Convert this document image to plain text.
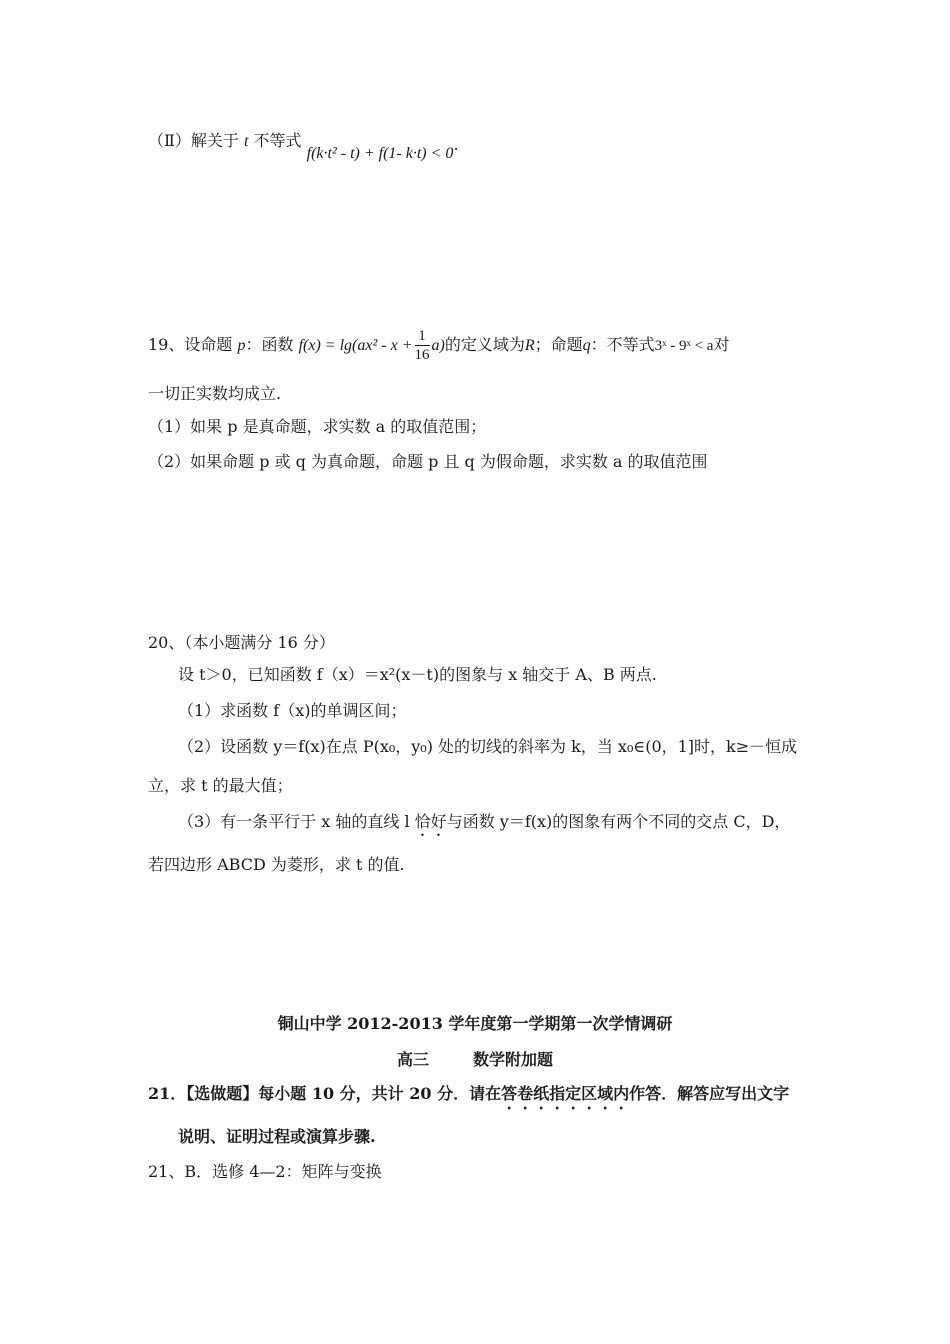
（Ⅱ）解关于 t 不等式 f(k·t² - t) + f(1- k·t) < 0.
19、设命题 p：函数 $f(x) = \lg(ax^2 - x + \frac{1}{16} a)$的定义域为R；命题q：不等式3ˣ - 9ˣ < a对
一切正实数均成立.
（1）如果 p 是真命题，求实数 a 的取值范围；
（2）如果命题 p 或 q 为真命题，命题 p 且 q 为假命题，求实数 a 的取值范围
20、（本小题满分 16 分）
设 t＞0，已知函数 f（x）＝x²(x－t)的图象与 x 轴交于 A、B 两点.
（1）求函数 f（x)的单调区间；
（2）设函数 y＝f(x)在点 P(x₀，y₀) 处的切线的斜率为 k，当 x₀∈(0，1]时，k≥－恒成
立，求 t 的最大值；
（3）有一条平行于 x 轴的直线 l 恰好与函数 y＝f(x)的图象有两个不同的交点 C，D，
若四边形 ABCD 为菱形，求 t 的值.
铜山中学 2012-2013 学年度第一学期第一次学情调研
高三	数学附加题
21．【选做题】每小题 10 分，共计 20 分．请在答卷纸指定区域内作答．解答应写出文字
说明、证明过程或演算步骤.
21、B．选修 4—2：矩阵与变换
